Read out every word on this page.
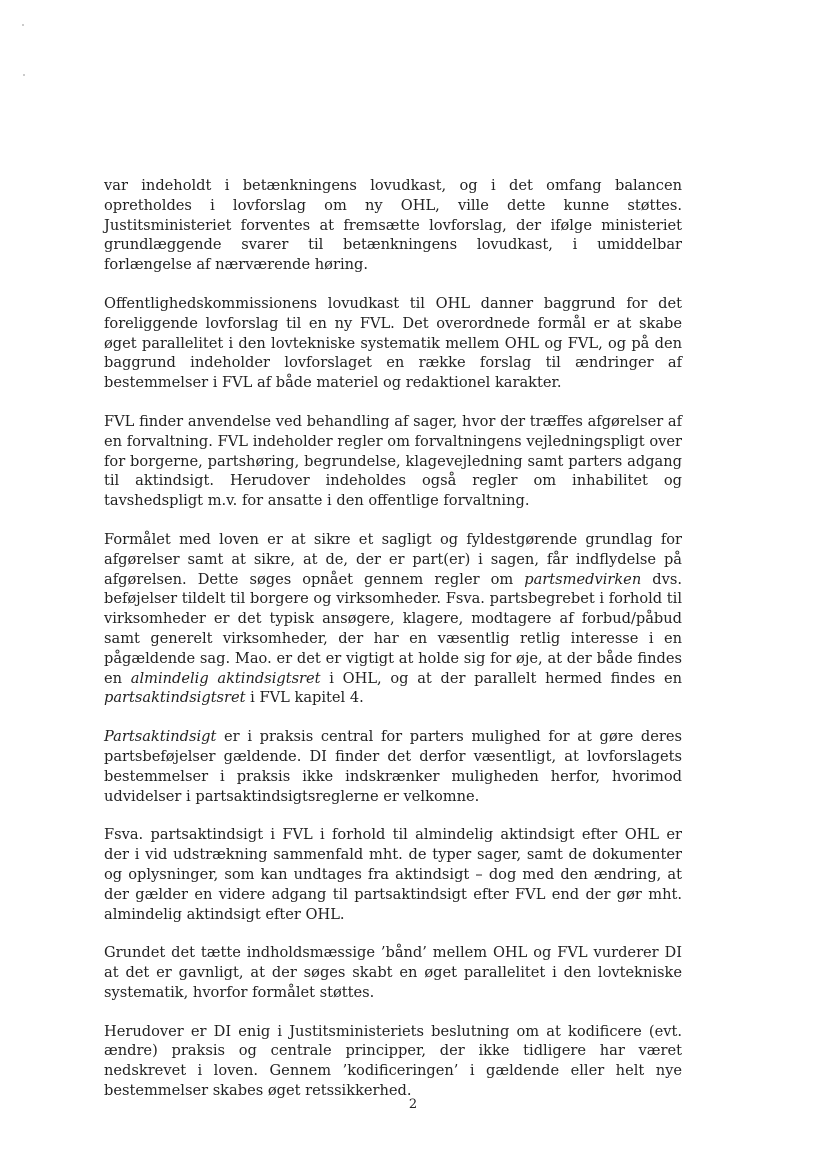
var indeholdt i betænkningens lovudkast, og i det omfang balancen opretholdes i lovforslag om ny OHL, ville dette kunne støttes. Justitsministeriet forventes at fremsætte lovforslag, der ifølge ministeriet grundlæggende svarer til betænkningens lovudkast, i umiddelbar forlængelse af nærværende høring.

Offentlighedskommissionens lovudkast til OHL danner baggrund for det foreliggende lovforslag til en ny FVL. Det overordnede formål er at skabe øget parallelitet i den lovtekniske systematik mellem OHL og FVL, og på den baggrund indeholder lovforslaget en række forslag til ændringer af bestemmelser i FVL af både materiel og redaktionel karakter.

FVL finder anvendelse ved behandling af sager, hvor der træffes afgørelser af en forvaltning. FVL indeholder regler om forvaltningens vejledningspligt over for borgerne, partshøring, begrundelse, klagevejledning samt parters adgang til aktindsigt. Herudover indeholdes også regler om inhabilitet og tavshedspligt m.v. for ansatte i den offentlige forvaltning.

Formålet med loven er at sikre et sagligt og fyldestgørende grundlag for afgørelser samt at sikre, at de, der er part(er) i sagen, får indflydelse på afgørelsen. Dette søges opnået gennem regler om partsmedvirken dvs. beføjelser tildelt til borgere og virksomheder. Fsva. partsbegrebet i forhold til virksomheder er det typisk ansøgere, klagere, modtagere af forbud/påbud samt generelt virksomheder, der har en væsentlig retlig interesse i en pågældende sag. Mao. er det er vigtigt at holde sig for øje, at der både findes en almindelig aktindsigtsret i OHL, og at der parallelt hermed findes en partsaktindsigtsret i FVL kapitel 4.

Partsaktindsigt er i praksis central for parters mulighed for at gøre deres partsbeføjelser gældende. DI finder det derfor væsentligt, at lovforslagets bestemmelser i praksis ikke indskrænker muligheden herfor, hvorimod udvidelser i partsaktindsigtsreglerne er velkomne.

Fsva. partsaktindsigt i FVL i forhold til almindelig aktindsigt efter OHL er der i vid udstrækning sammenfald mht. de typer sager, samt de dokumenter og oplysninger, som kan undtages fra aktindsigt – dog med den ændring, at der gælder en videre adgang til partsaktindsigt efter FVL end der gør mht. almindelig aktindsigt efter OHL.

Grundet det tætte indholdsmæssige ’bånd’ mellem OHL og FVL vurderer DI at det er gavnligt, at der søges skabt en øget parallelitet i den lovtekniske systematik, hvorfor formålet støttes.

Herudover er DI enig i Justitsministeriets beslutning om at kodificere (evt. ændre) praksis og centrale principper, der ikke tidligere har været nedskrevet i loven. Gennem ’kodificeringen’ i gældende eller helt nye bestemmelser skabes øget retssikkerhed.

2
